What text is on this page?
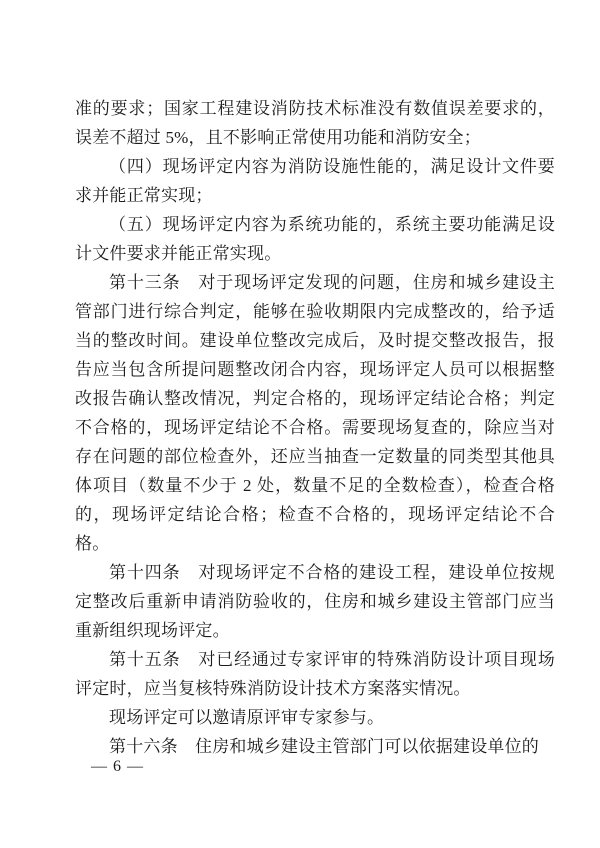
准的要求；国家工程建设消防技术标准没有数值误差要求的，误差不超过 5%，且不影响正常使用功能和消防安全；

（四）现场评定内容为消防设施性能的，满足设计文件要求并能正常实现；

（五）现场评定内容为系统功能的，系统主要功能满足设计文件要求并能正常实现。

第十三条　对于现场评定发现的问题，住房和城乡建设主管部门进行综合判定，能够在验收期限内完成整改的，给予适当的整改时间。建设单位整改完成后，及时提交整改报告，报告应当包含所提问题整改闭合内容，现场评定人员可以根据整改报告确认整改情况，判定合格的，现场评定结论合格；判定不合格的，现场评定结论不合格。需要现场复查的，除应当对存在问题的部位检查外，还应当抽查一定数量的同类型其他具体项目（数量不少于 2 处，数量不足的全数检查），检查合格的，现场评定结论合格；检查不合格的，现场评定结论不合格。

第十四条　对现场评定不合格的建设工程，建设单位按规定整改后重新申请消防验收的，住房和城乡建设主管部门应当重新组织现场评定。

第十五条　对已经通过专家评审的特殊消防设计项目现场评定时，应当复核特殊消防设计技术方案落实情况。

现场评定可以邀请原评审专家参与。

第十六条　住房和城乡建设主管部门可以依据建设单位的

— 6 —
